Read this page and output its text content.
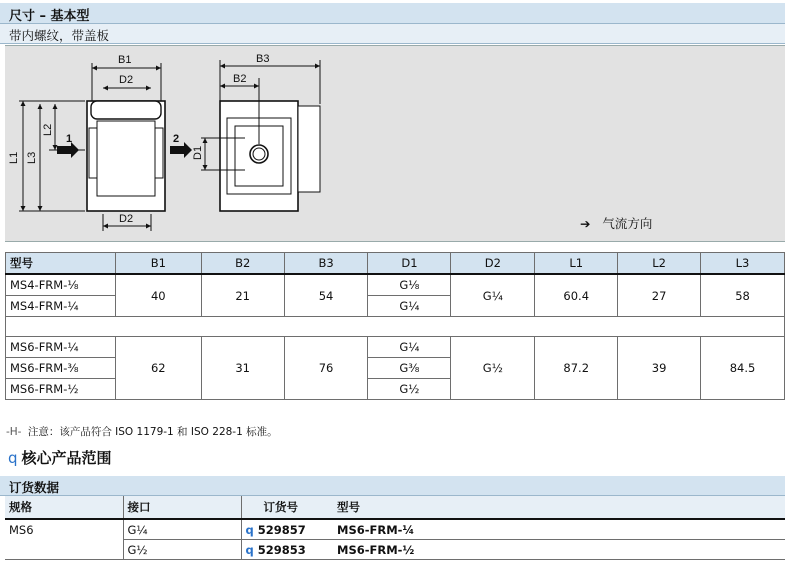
尺寸 – 基本型
带内螺纹，带盖板
B1
D2
D2
1	2
B3
B2
L1 L3
L2
D1
➔ 气流方向
型号	B1	B2	B3	D1	D2	L1	L2	L3
MS4-FRM-⅛	40	21	54	G⅛	G¼	60.4	27	58
MS4-FRM-¼				G¼				

MS6-FRM-¼	62	31	76	G¼	G½	87.2	39	84.5
MS6-FRM-⅜				G⅜				
MS6-FRM-½				G½				
-H- 注意：该产品符合 ISO 1179-1 和 ISO 228-1 标准。
q 核心产品范围
订货数据
规格	接口	订货号	型号
MS6	G¼	q 529857	MS6-FRM-¼
	G½	q 529853	MS6-FRM-½
